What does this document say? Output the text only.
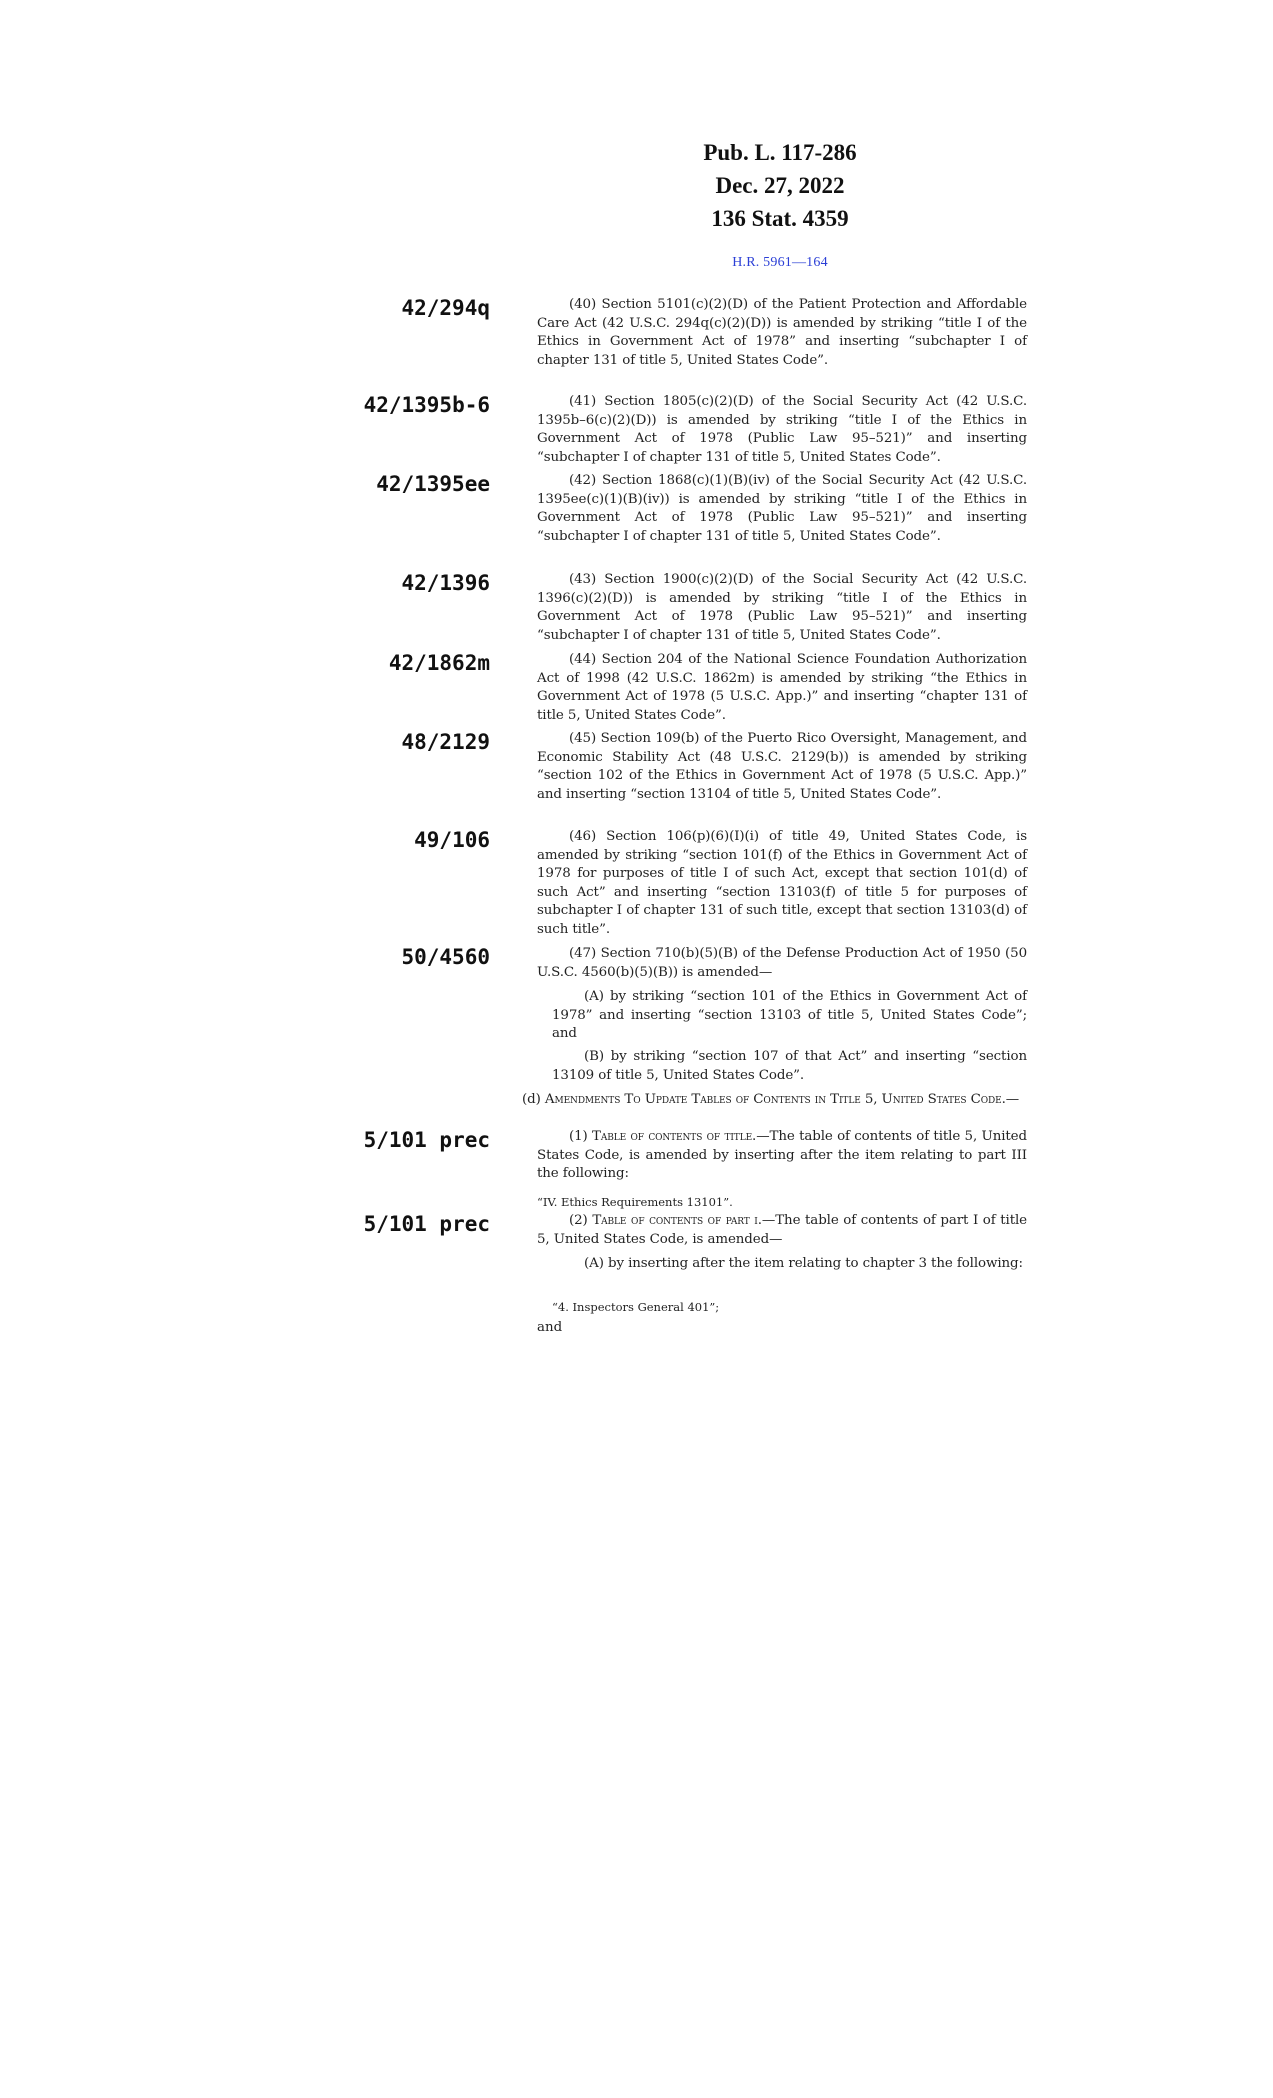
Pub. L. 117-286
Dec. 27, 2022
136 Stat. 4359
H.R. 5961—164
42/294q	(40) Section 5101(c)(2)(D) of the Patient Protection and Affordable Care Act (42 U.S.C. 294q(c)(2)(D)) is amended by striking “title I of the Ethics in Government Act of 1978” and inserting “subchapter I of chapter 131 of title 5, United States Code”.
42/1395b-6	(41) Section 1805(c)(2)(D) of the Social Security Act (42 U.S.C. 1395b–6(c)(2)(D)) is amended by striking “title I of the Ethics in Government Act of 1978 (Public Law 95–521)” and inserting “subchapter I of chapter 131 of title 5, United States Code”.
42/1395ee	(42) Section 1868(c)(1)(B)(iv) of the Social Security Act (42 U.S.C. 1395ee(c)(1)(B)(iv)) is amended by striking “title I of the Ethics in Government Act of 1978 (Public Law 95–521)” and inserting “subchapter I of chapter 131 of title 5, United States Code”.
42/1396	(43) Section 1900(c)(2)(D) of the Social Security Act (42 U.S.C. 1396(c)(2)(D)) is amended by striking “title I of the Ethics in Government Act of 1978 (Public Law 95–521)” and inserting “subchapter I of chapter 131 of title 5, United States Code”.
42/1862m	(44) Section 204 of the National Science Foundation Authorization Act of 1998 (42 U.S.C. 1862m) is amended by striking “the Ethics in Government Act of 1978 (5 U.S.C. App.)” and inserting “chapter 131 of title 5, United States Code”.
48/2129	(45) Section 109(b) of the Puerto Rico Oversight, Management, and Economic Stability Act (48 U.S.C. 2129(b)) is amended by striking “section 102 of the Ethics in Government Act of 1978 (5 U.S.C. App.)” and inserting “section 13104 of title 5, United States Code”.
49/106	(46) Section 106(p)(6)(I)(i) of title 49, United States Code, is amended by striking “section 101(f) of the Ethics in Government Act of 1978 for purposes of title I of such Act, except that section 101(d) of such Act” and inserting “section 13103(f) of title 5 for purposes of subchapter I of chapter 131 of such title, except that section 13103(d) of such title”.
50/4560	(47) Section 710(b)(5)(B) of the Defense Production Act of 1950 (50 U.S.C. 4560(b)(5)(B)) is amended—
(A) by striking “section 101 of the Ethics in Government Act of 1978” and inserting “section 13103 of title 5, United States Code”; and
(B) by striking “section 107 of that Act” and inserting “section 13109 of title 5, United States Code”.
(d) Amendments To Update Tables of Contents in Title 5, United States Code.—
5/101 prec	(1) Table of contents of title.—The table of contents of title 5, United States Code, is amended by inserting after the item relating to part III the following:
“IV. Ethics Requirements 13101”.
5/101 prec	(2) Table of contents of part i.—The table of contents of part I of title 5, United States Code, is amended—
(A) by inserting after the item relating to chapter 3 the following:
“4. Inspectors General 401”;
and
